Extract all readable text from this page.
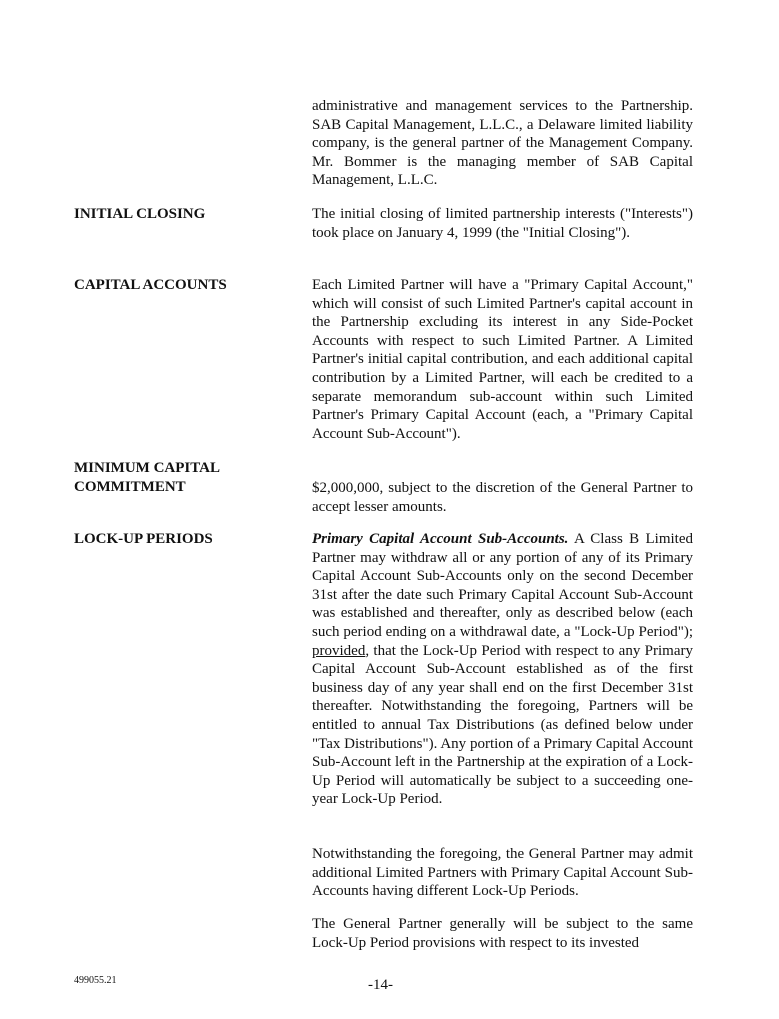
administrative and management services to the Partnership. SAB Capital Management, L.L.C., a Delaware limited liability company, is the general partner of the Management Company. Mr. Bommer is the managing member of SAB Capital Management, L.L.C.
INITIAL CLOSING	The initial closing of limited partnership interests ("Interests") took place on January 4, 1999 (the "Initial Closing").
CAPITAL ACCOUNTS	Each Limited Partner will have a "Primary Capital Account," which will consist of such Limited Partner's capital account in the Partnership excluding its interest in any Side-Pocket Accounts with respect to such Limited Partner. A Limited Partner's initial capital contribution, and each additional capital contribution by a Limited Partner, will each be credited to a separate memorandum sub-account within such Limited Partner's Primary Capital Account (each, a "Primary Capital Account Sub-Account").
MINIMUM CAPITAL
COMMITMENT	$2,000,000, subject to the discretion of the General Partner to accept lesser amounts.
LOCK-UP PERIODS	Primary Capital Account Sub-Accounts. A Class B Limited Partner may withdraw all or any portion of any of its Primary Capital Account Sub-Accounts only on the second December 31st after the date such Primary Capital Account Sub-Account was established and thereafter, only as described below (each such period ending on a withdrawal date, a "Lock-Up Period"); provided, that the Lock-Up Period with respect to any Primary Capital Account Sub-Account established as of the first business day of any year shall end on the first December 31st thereafter. Notwithstanding the foregoing, Partners will be entitled to annual Tax Distributions (as defined below under "Tax Distributions"). Any portion of a Primary Capital Account Sub-Account left in the Partnership at the expiration of a Lock-Up Period will automatically be subject to a succeeding one-year Lock-Up Period.
Notwithstanding the foregoing, the General Partner may admit additional Limited Partners with Primary Capital Account Sub-Accounts having different Lock-Up Periods.
The General Partner generally will be subject to the same Lock-Up Period provisions with respect to its invested
499055.21	-14-
